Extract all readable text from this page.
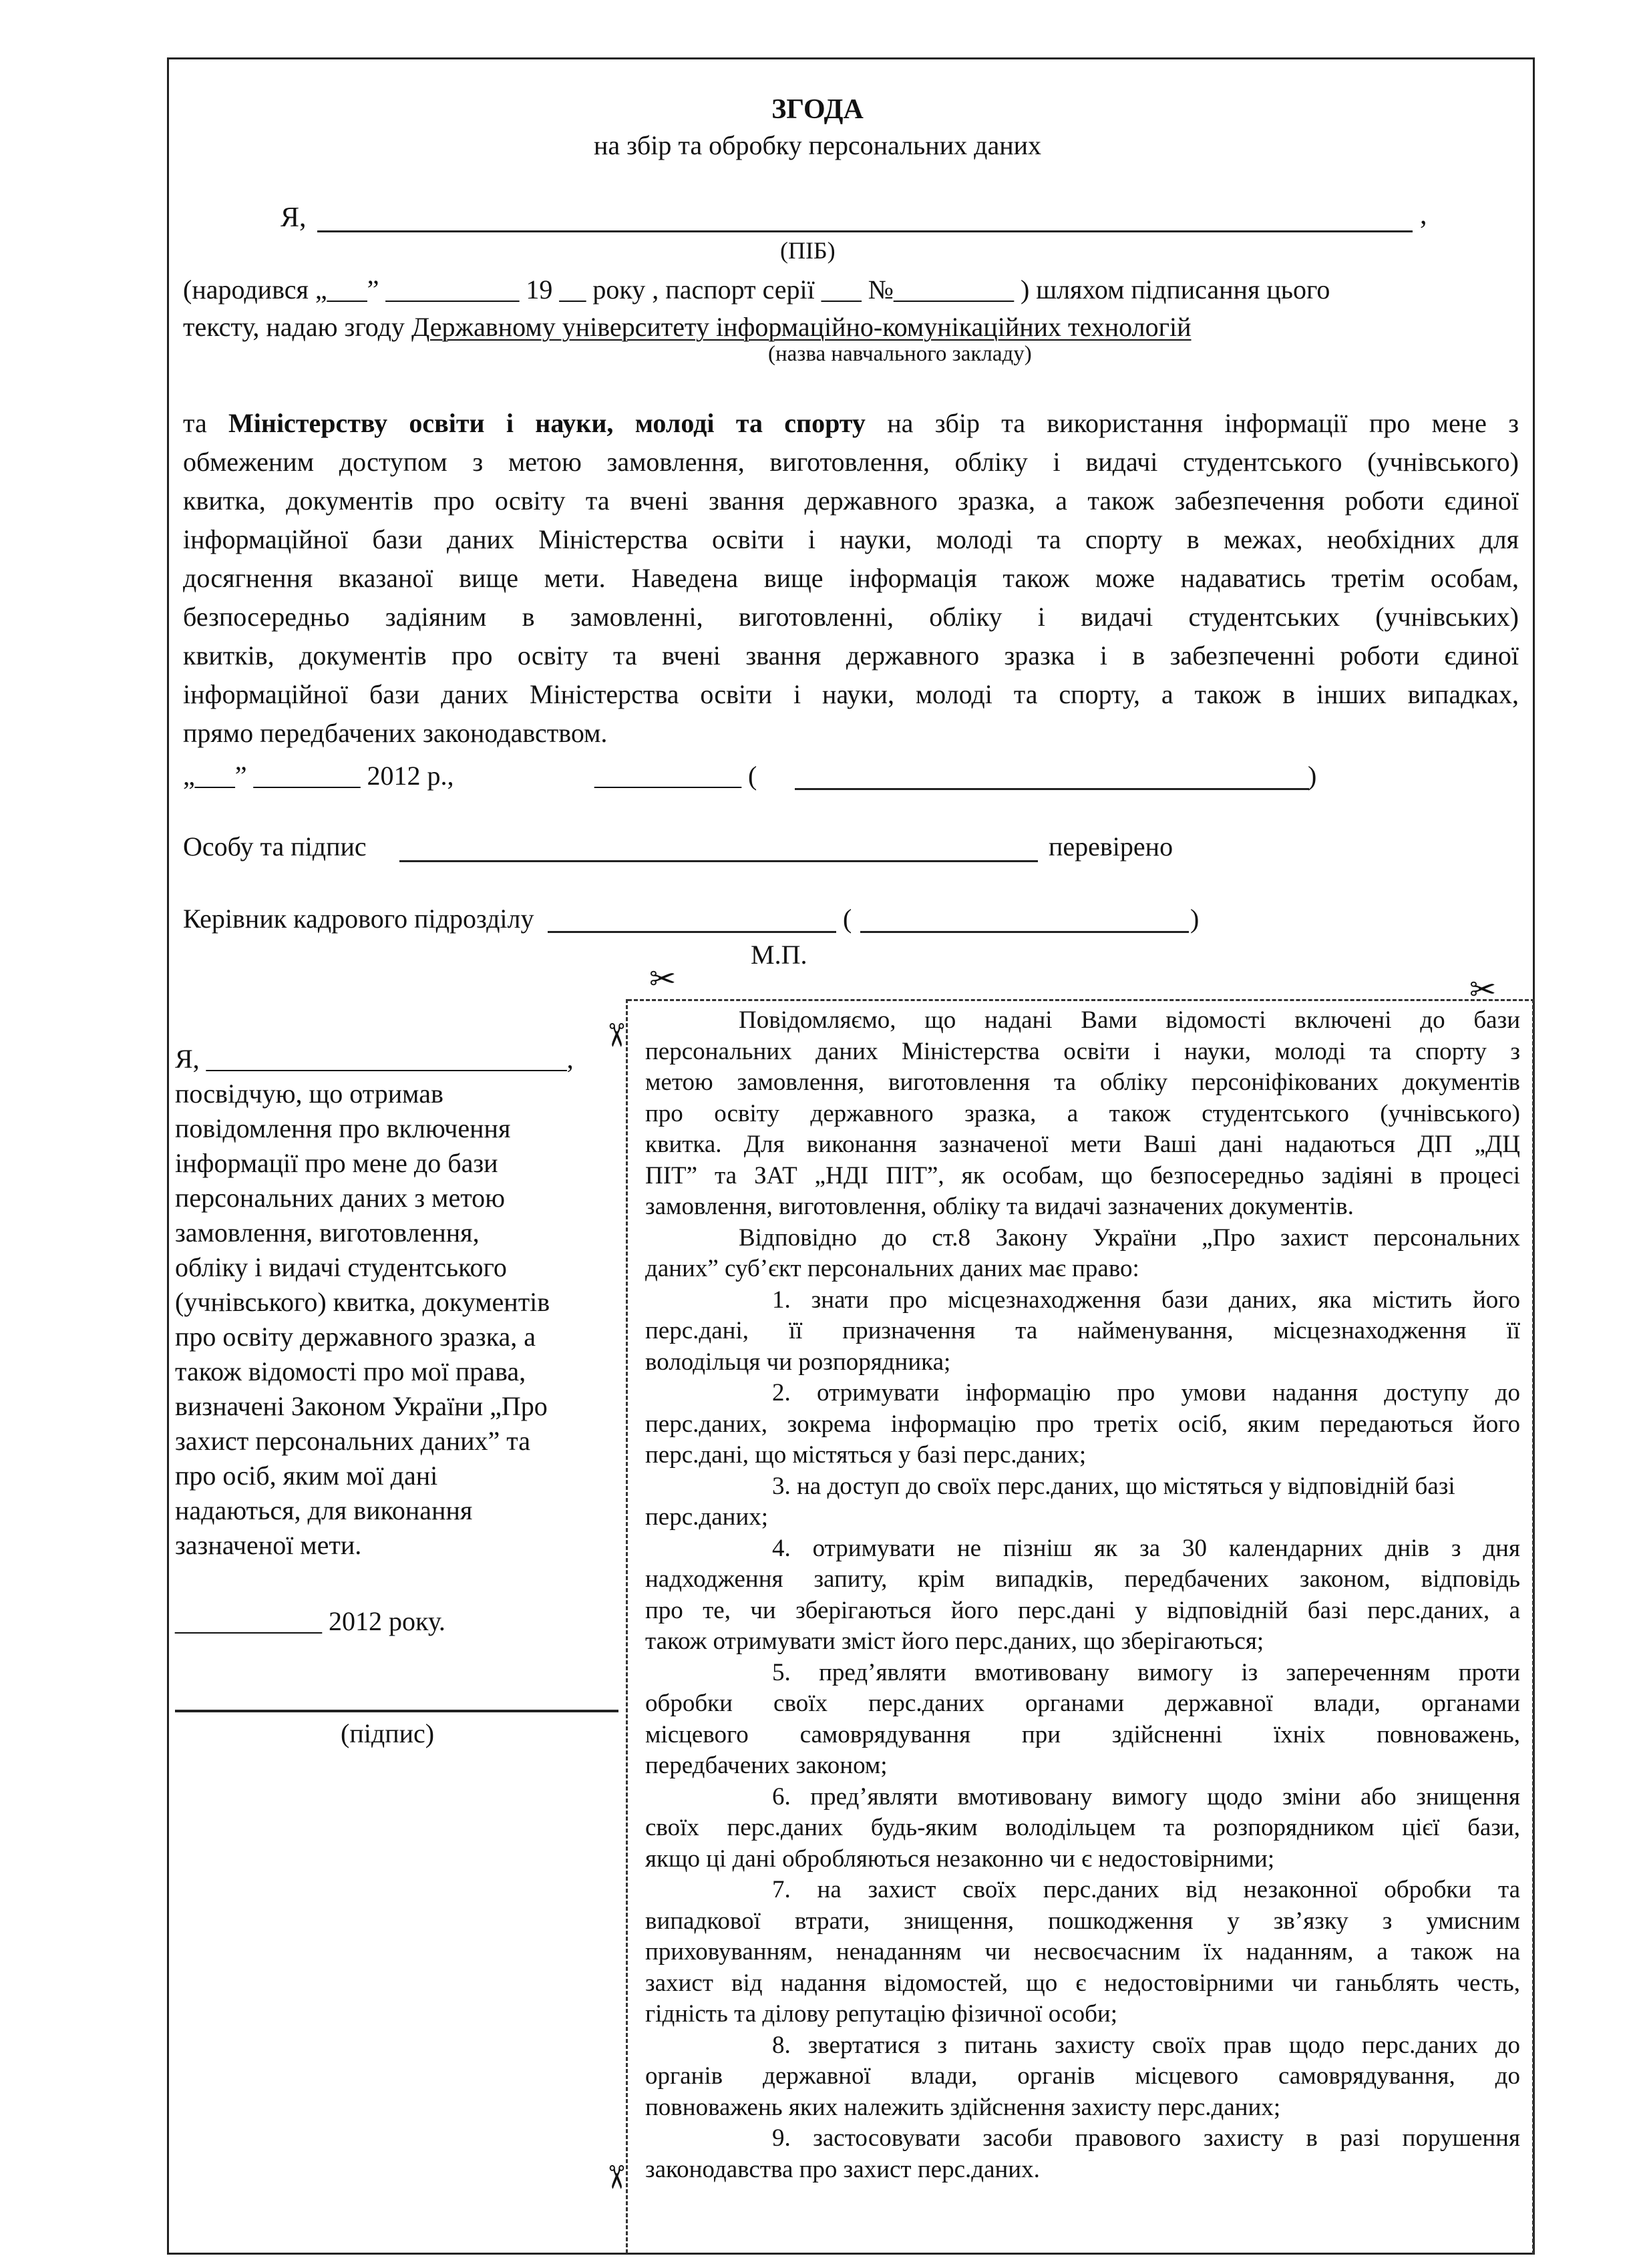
ЗГОДА
на збір та обробку персональних даних
Я,	,
(ПІБ)
(народився „___” __________ 19 __ року , паспорт серії ___ №_________ ) шляхом підписання цього
тексту, надаю згоду Державному університету інформаційно-комунікаційних технологій
(назва навчального закладу)
та Міністерству освіти і науки, молоді та спорту на збір та використання інформації про мене з
обмеженим доступом з метою замовлення, виготовлення, обліку і видачі студентського (учнівського)
квитка, документів про освіту та вчені звання державного зразка, а також забезпечення роботи єдиної
інформаційної бази даних Міністерства освіти і науки, молоді та спорту в межах, необхідних для
досягнення вказаної вище мети. Наведена вище інформація також може надаватись третім особам,
безпосередньо задіяним в замовленні, виготовленні, обліку і видачі студентських (учнівських)
квитків, документів про освіту та вчені звання державного зразка і в забезпеченні роботи єдиної
інформаційної бази даних Міністерства освіти і науки, молоді та спорту, а також в інших випадках,
прямо передбачених законодавством.
„___” ________ 2012 р.,	___________ (	)
Особу та підпис	перевірено
Керівник кадрового підрозділу	(	)
М.П.
✂	✂
✂
✂
Я, ___________________________,
посвідчую, що отримав
повідомлення про включення
інформації про мене до бази
персональних даних з метою
замовлення, виготовлення,
обліку і видачі студентського
(учнівського) квитка, документів
про освіту державного зразка, а
також відомості про мої права,
визначені Законом України „Про
захист персональних даних” та
про осіб, яким мої дані
надаються, для виконання
зазначеної мети.
___________ 2012 року.
(підпис)
Повідомляємо, що надані Вами відомості включені до бази
персональних даних Міністерства освіти і науки, молоді та спорту з
метою замовлення, виготовлення та обліку персоніфікованих документів
про освіту державного зразка, а також студентського (учнівського)
квитка. Для виконання зазначеної мети Ваші дані надаються ДП „ДЦ
ПІТ” та ЗАТ „НДІ ПІТ”, як особам, що безпосередньо задіяні в процесі
замовлення, виготовлення, обліку та видачі зазначених документів.
Відповідно до ст.8 Закону України „Про захист персональних
даних” суб’єкт персональних даних має право:
1. знати про місцезнаходження бази даних, яка містить його
перс.дані, її призначення та найменування, місцезнаходження її
володільця чи розпорядника;
2. отримувати інформацію про умови надання доступу до
перс.даних, зокрема інформацію про третіх осіб, яким передаються його
перс.дані, що містяться у базі перс.даних;
3. на доступ до своїх перс.даних, що містяться у відповідній базі
перс.даних;
4. отримувати не пізніш як за 30 календарних днів з дня
надходження запиту, крім випадків, передбачених законом, відповідь
про те, чи зберігаються його перс.дані у відповідній базі перс.даних, а
також отримувати зміст його перс.даних, що зберігаються;
5. пред’являти вмотивовану вимогу із запереченням проти
обробки своїх перс.даних органами державної влади, органами
місцевого самоврядування при здійсненні їхніх повноважень,
передбачених законом;
6. пред’являти вмотивовану вимогу щодо зміни або знищення
своїх перс.даних будь-яким володільцем та розпорядником цієї бази,
якщо ці дані обробляються незаконно чи є недостовірними;
7. на захист своїх перс.даних від незаконної обробки та
випадкової втрати, знищення, пошкодження у зв’язку з умисним
приховуванням, ненаданням чи несвоєчасним їх наданням, а також на
захист від надання відомостей, що є недостовірними чи ганьблять честь,
гідність та ділову репутацію фізичної особи;
8. звертатися з питань захисту своїх прав щодо перс.даних до
органів державної влади, органів місцевого самоврядування, до
повноважень яких належить здійснення захисту перс.даних;
9. застосовувати засоби правового захисту в разі порушення
законодавства про захист перс.даних.
